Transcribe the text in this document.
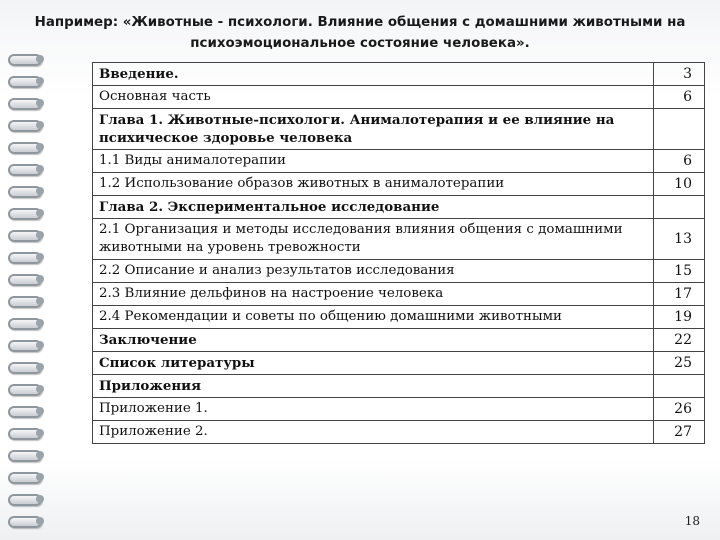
Например: «Животные - психологи. Влияние общения с домашними животными на
психоэмоциональное состояние человека».
Введение.	3
Основная часть	6
Глава 1. Животные-психологи. Анималотерапия и ее влияние на психическое здоровье человека	
1.1 Виды анималотерапии	6
1.2 Использование образов животных в анималотерапии	10
Глава 2. Экспериментальное исследование	
2.1 Организация и методы исследования влияния общения с домашними животными на уровень тревожности	13
2.2 Описание и анализ результатов исследования	15
2.3 Влияние дельфинов на настроение человека	17
2.4 Рекомендации и советы по общению домашними животными	19
Заключение	22
Список литературы	25
Приложения	
Приложение 1.	26
Приложение 2.	27
18
